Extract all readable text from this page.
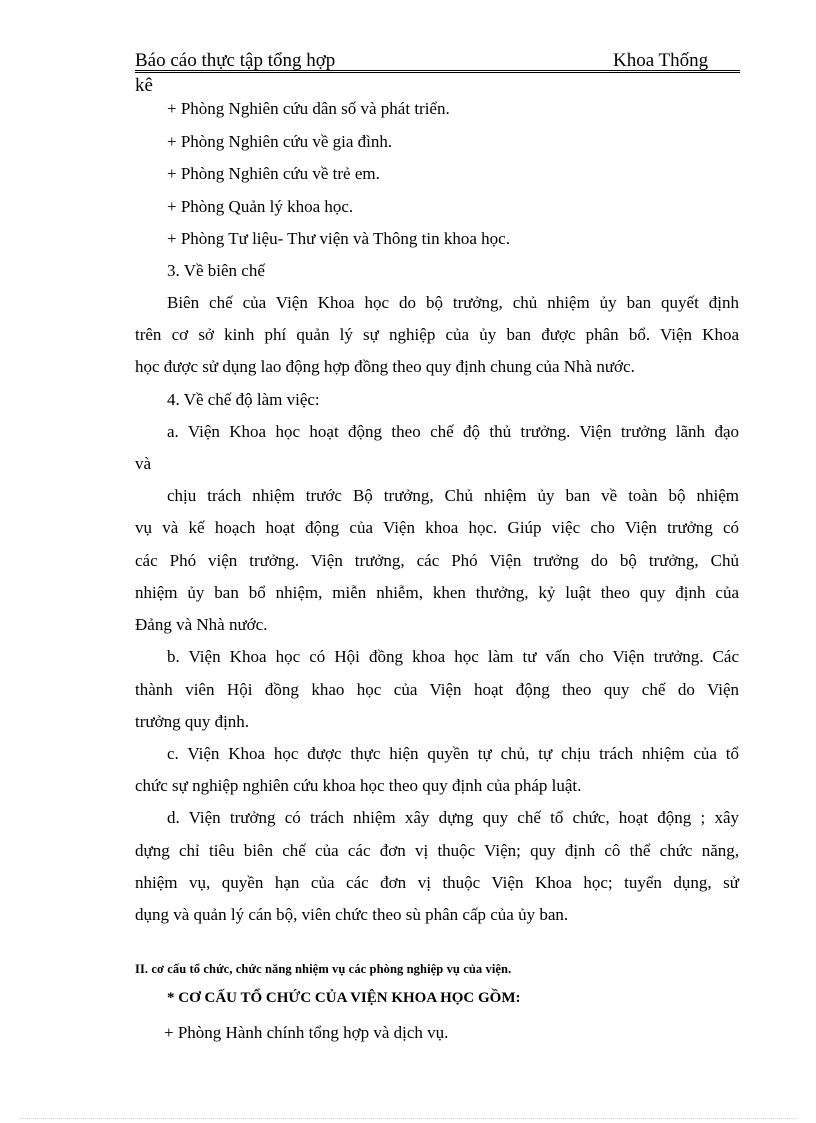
Báo cáo thực tập tổng hợp	Khoa Thống
kê
+ Phòng Nghiên cứu dân số và phát triển.
+ Phòng Nghiên cứu về gia đình.
+ Phòng Nghiên cứu về trẻ em.
+ Phòng Quản lý khoa học.
+ Phòng Tư liệu- Thư viện và Thông tin khoa học.
3. Về biên chế
Biên chế của Viện Khoa học do bộ trưởng, chủ nhiệm ủy ban quyết định
trên cơ sở kinh phí quản lý sự nghiệp của ủy ban được phân bổ. Viện Khoa
học được sử dụng lao động hợp đồng theo quy định chung của Nhà nước.
4. Về chế độ làm việc:
a. Viện Khoa học hoạt động theo chế độ thủ trưởng. Viện trưởng lãnh đạo
và
chịu trách nhiệm trước Bộ trưởng, Chủ nhiệm ủy ban về toàn bộ nhiệm
vụ và kế hoạch hoạt động của Viện khoa học. Giúp việc cho Viện trưởng có
các Phó viện trưởng. Viện trưởng, các Phó Viện trưởng do bộ trưởng, Chủ
nhiệm ủy ban bổ nhiệm, miễn nhiễm, khen thưởng, kỷ luật theo quy định của
Đảng và Nhà nước.
b. Viện Khoa học có Hội đồng khoa học làm tư vấn cho Viện trưởng. Các
thành viên Hội đồng khao học của Viện hoạt động theo quy chế do Viện
trưởng quy định.
c. Viện Khoa học được thực hiện quyền tự chủ, tự chịu trách nhiệm của tổ
chức sự nghiệp nghiên cứu khoa học theo quy định của pháp luật.
d. Viện trưởng có trách nhiệm xây dựng quy chế tổ chức, hoạt động ; xây
dựng chỉ tiêu biên chế của các đơn vị thuộc Viện; quy định cô thể chức năng,
nhiệm vụ, quyền hạn của các đơn vị thuộc Viện Khoa học; tuyển dụng, sử
dụng và quản lý cán bộ, viên chức theo sù phân cấp của ủy ban.
II. cơ cấu tổ chức, chức năng nhiệm vụ các phòng nghiệp vụ của viện.
* CƠ CẤU TỔ CHỨC CỦA VIỆN KHOA HỌC GỒM:
+ Phòng Hành chính tổng hợp và dịch vụ.
